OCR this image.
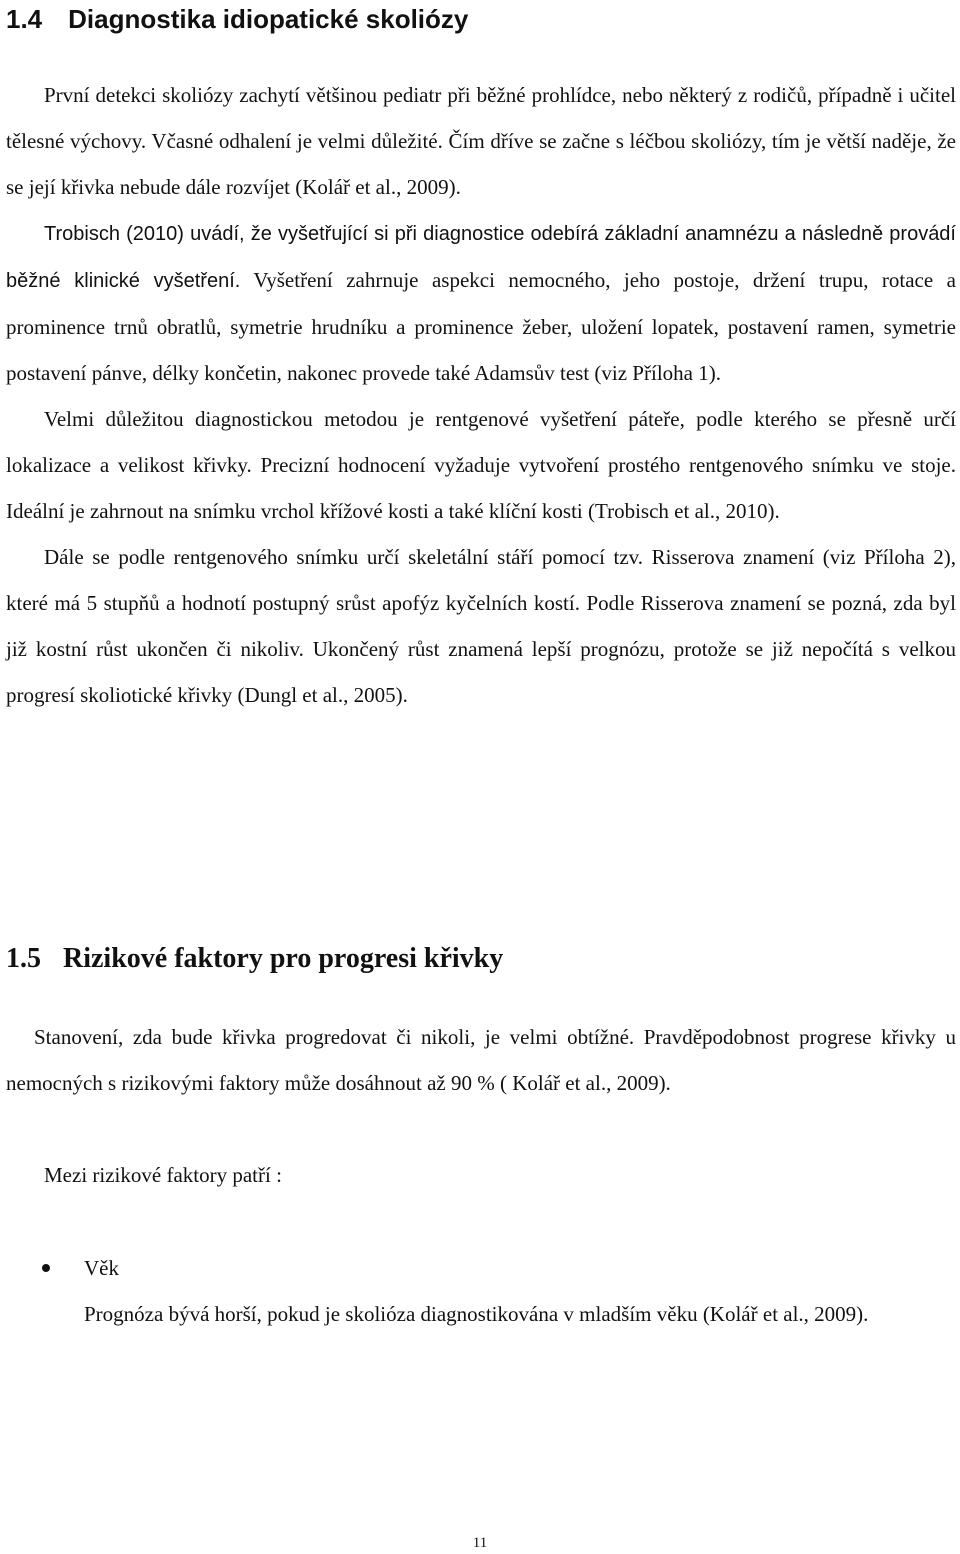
1.4 Diagnostika idiopatické skoliózy

První detekci skoliózy zachytí většinou pediatr při běžné prohlídce, nebo některý z rodičů, případně i učitel tělesné výchovy. Včasné odhalení je velmi důležité. Čím dříve se začne s léčbou skoliózy, tím je větší naděje, že se její křivka nebude dále rozvíjet (Kolář et al., 2009).

Trobisch (2010) uvádí, že vyšetřující si při diagnostice odebírá základní anamnézu a následně provádí běžné klinické vyšetření. Vyšetření zahrnuje aspekci nemocného, jeho postoje, držení trupu, rotace a prominence trnů obratlů, symetrie hrudníku a prominence žeber, uložení lopatek, postavení ramen, symetrie postavení pánve, délky končetin, nakonec provede také Adamsův test (viz Příloha 1).

Velmi důležitou diagnostickou metodou je rentgenové vyšetření páteře, podle kterého se přesně určí lokalizace a velikost křivky. Precizní hodnocení vyžaduje vytvoření prostého rentgenového snímku ve stoje. Ideální je zahrnout na snímku vrchol křížové kosti a také klíční kosti (Trobisch et al., 2010).

Dále se podle rentgenového snímku určí skeletální stáří pomocí tzv. Risserova znamení (viz Příloha 2), které má 5 stupňů a hodnotí postupný srůst apofýz kyčelních kostí. Podle Risserova znamení se pozná, zda byl již kostní růst ukončen či nikoliv. Ukončený růst znamená lepší prognózu, protože se již nepočítá s velkou progresí skoliotické křivky (Dungl et al., 2005).

1.5 Rizikové faktory pro progresi křivky

Stanovení, zda bude křivka progredovat či nikoli, je velmi obtížné. Pravděpodobnost progrese křivky u nemocných s rizikovými faktory může dosáhnout až 90 % ( Kolář et al., 2009).

Mezi rizikové faktory patří :

Věk
Prognóza bývá horší, pokud je skolióza diagnostikována v mladším věku (Kolář et al., 2009).
11
